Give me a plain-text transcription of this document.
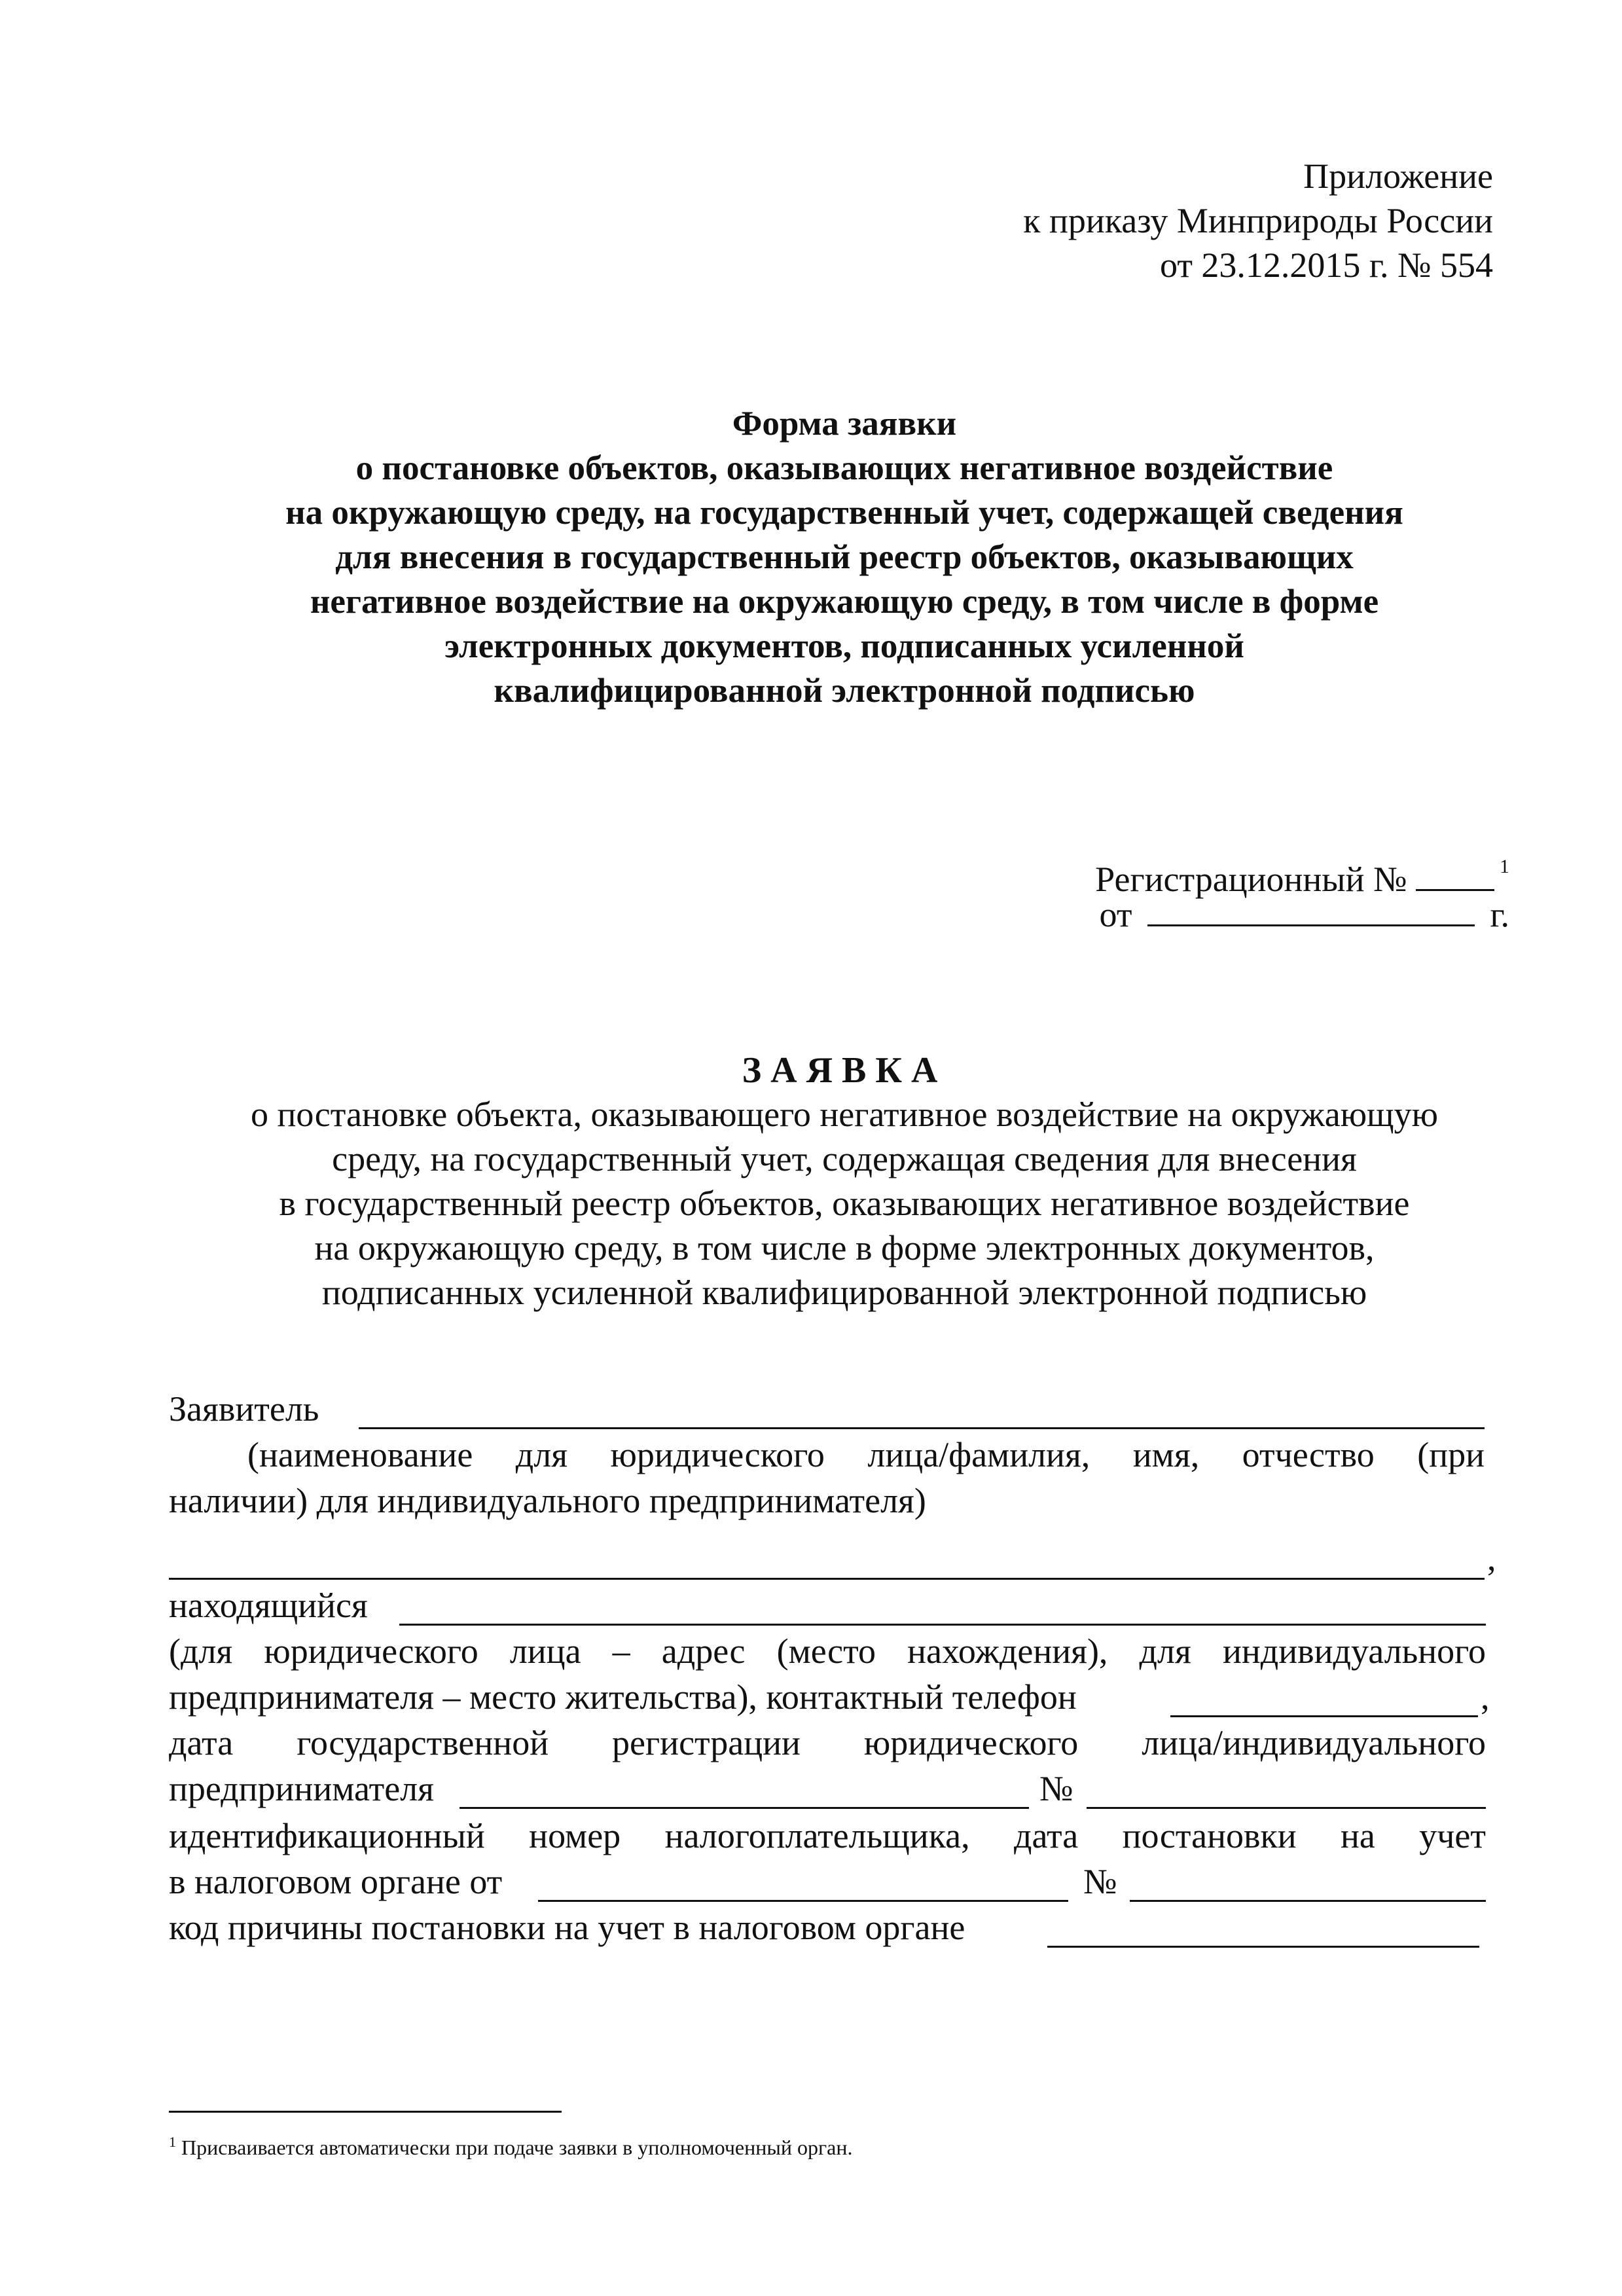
Приложение
к приказу Минприроды России
от 23.12.2015 г. № 554
Форма заявки
о постановке объектов, оказывающих негативное воздействие
на окружающую среду, на государственный учет, содержащей сведения
для внесения в государственный реестр объектов, оказывающих
негативное воздействие на окружающую среду, в том числе в форме
электронных документов, подписанных усиленной
квалифицированной электронной подписью
Регистрационный №	$^1$
от	г.
ЗАЯВКА
о постановке объекта, оказывающего негативное воздействие на окружающую
среду, на государственный учет, содержащая сведения для внесения
в государственный реестр объектов, оказывающих негативное воздействие
на окружающую среду, в том числе в форме электронных документов,
подписанных усиленной квалифицированной электронной подписью
Заявитель
(наименование для юридического лица/фамилия, имя, отчество (при
наличии) для индивидуального предпринимателя)
,
находящийся
(для юридического лица – адрес (место нахождения), для индивидуального
предпринимателя – место жительства), контактный телефон	,
дата государственной регистрации юридического лица/индивидуального
предпринимателя	№
идентификационный номер налогоплательщика, дата постановки на учет
в налоговом органе от	№
код причины постановки на учет в налоговом органе
$^1$ Присваивается автоматически при подаче заявки в уполномоченный орган.
